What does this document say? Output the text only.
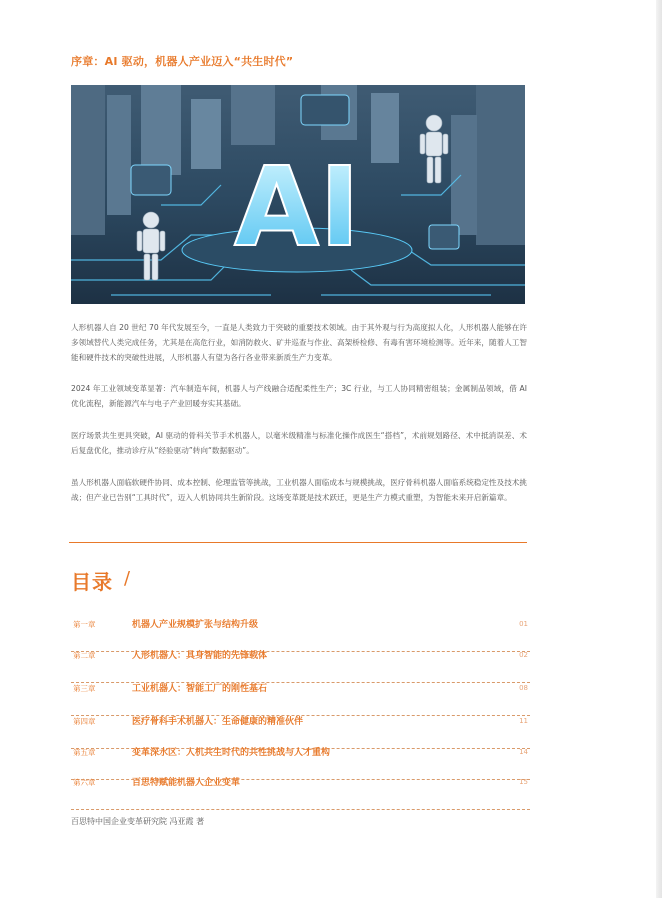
序章：AI 驱动，机器人产业迈入“共生时代”
AI

人形机器人自 20 世纪 70 年代发展至今，一直是人类致力于突破的重要技术领域。由于其外观与行为高度拟人化，人形机器人能够在许多领域替代人类完成任务，尤其是在高危行业，如消防救火、矿井巡查与作业、高架桥检修、有毒有害环境检测等。近年来，随着人工智能和硬件技术的突破性进展，人形机器人有望为各行各业带来新质生产力变革。

2024 年工业领域变革显著：汽车制造车间，机器人与产线融合适配柔性生产；3C 行业，与工人协同精密组装；金属制品领域，借 AI 优化流程，新能源汽车与电子产业回暖夯实其基础。

医疗场景共生更具突破，AI 驱动的骨科关节手术机器人，以毫米级精准与标准化操作成医生“搭档”，术前规划路径、术中抵消误差、术后复盘优化，推动诊疗从“经验驱动”转向“数据驱动”。

虽人形机器人面临软硬件协同、成本控制、伦理监管等挑战，工业机器人面临成本与规模挑战，医疗骨科机器人面临系统稳定性及技术挑战；但产业已告别“工具时代”，迈入人机协同共生新阶段。这场变革既是技术跃迁，更是生产力模式重塑，为智能未来开启新篇章。

目录 /
第一章	机器人产业规模扩张与结构升级	01
第二章	人形机器人：具身智能的先锋载体	02
第三章	工业机器人：智能工厂的刚性基石	08
第四章	医疗骨科手术机器人：生命健康的精准伙伴	11
第五章	变革深水区：人机共生时代的共性挑战与人才重构	14
第六章	百思特赋能机器人企业变革	15
百思特中国企业变革研究院 冯亚霞 著
